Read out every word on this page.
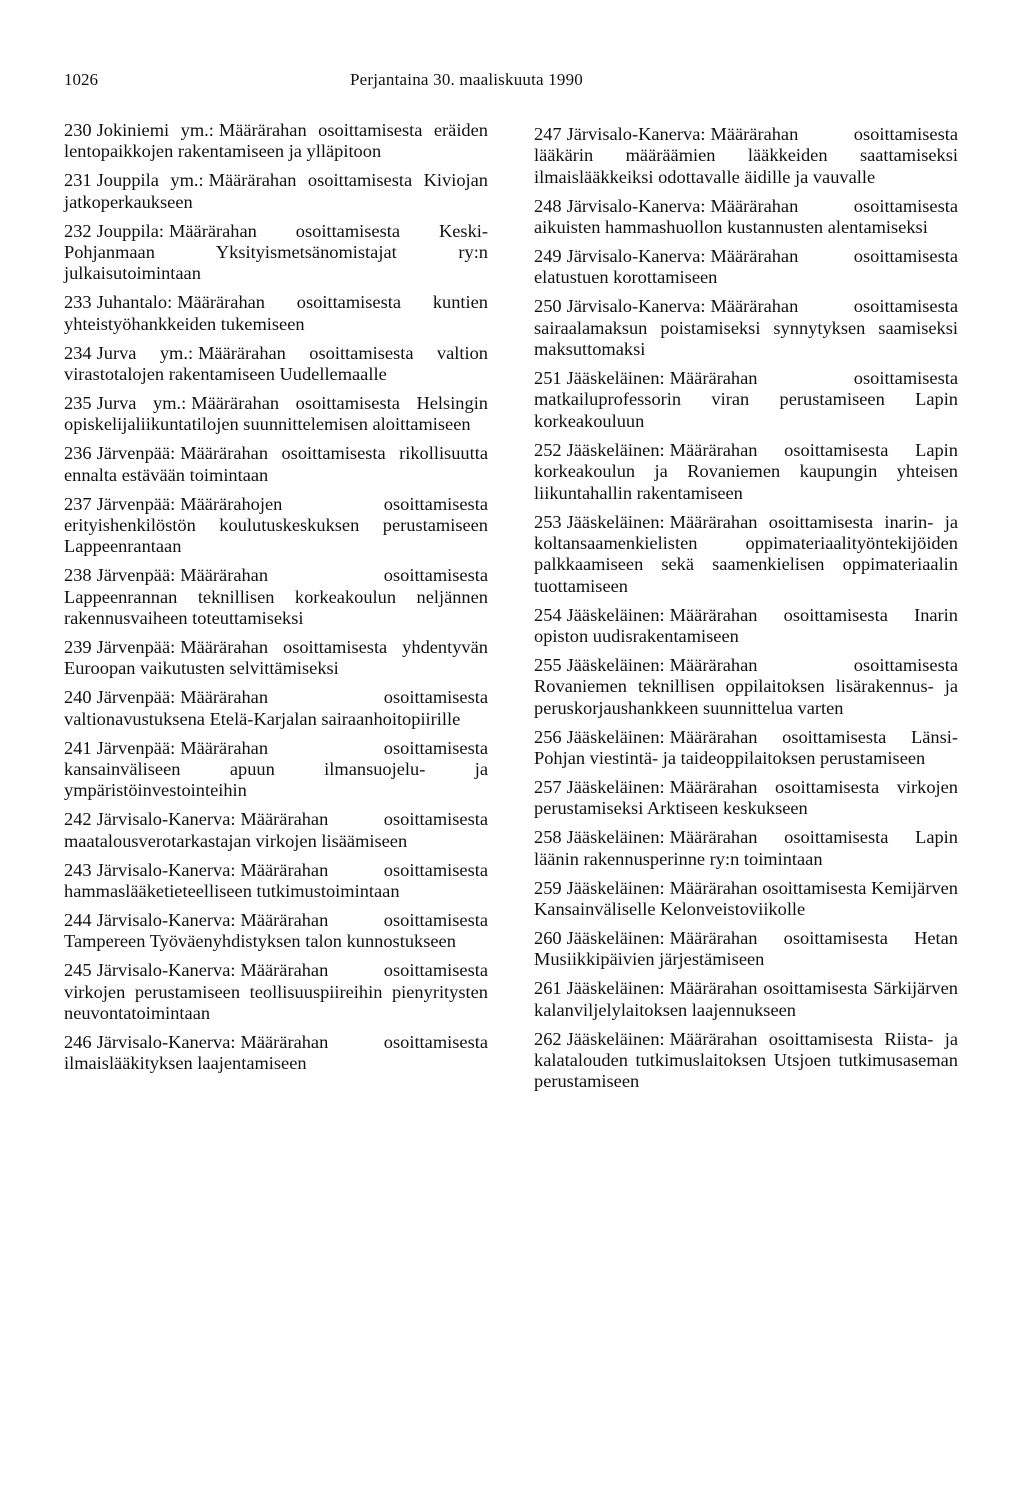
1026	Perjantaina 30. maaliskuuta 1990

230 Jokiniemi ym.: Määrärahan osoittamisesta eräiden lentopaikkojen rakentamiseen ja ylläpitoon

231 Jouppila ym.: Määrärahan osoittamisesta Kiviojan jatkoperkaukseen

232 Jouppila: Määrärahan osoittamisesta Keski-Pohjanmaan Yksityismetsänomistajat ry:n julkaisutoimintaan

233 Juhantalo: Määrärahan osoittamisesta kuntien yhteistyöhankkeiden tukemiseen

234 Jurva ym.: Määrärahan osoittamisesta valtion virastotalojen rakentamiseen Uudellemaalle

235 Jurva ym.: Määrärahan osoittamisesta Helsingin opiskelijaliikuntatilojen suunnittelemisen aloittamiseen

236 Järvenpää: Määrärahan osoittamisesta rikollisuutta ennalta estävään toimintaan

237 Järvenpää: Määrärahojen osoittamisesta erityishenkilöstön koulutuskeskuksen perustamiseen Lappeenrantaan

238 Järvenpää: Määrärahan osoittamisesta Lappeenrannan teknillisen korkeakoulun neljännen rakennusvaiheen toteuttamiseksi

239 Järvenpää: Määrärahan osoittamisesta yhdentyvän Euroopan vaikutusten selvittämiseksi

240 Järvenpää: Määrärahan osoittamisesta valtionavustuksena Etelä-Karjalan sairaanhoitopiirille

241 Järvenpää: Määrärahan osoittamisesta kansainväliseen apuun ilmansuojelu- ja ympäristöinvestointeihin

242 Järvisalo-Kanerva: Määrärahan osoittamisesta maatalousverotarkastajan virkojen lisäämiseen

243 Järvisalo-Kanerva: Määrärahan osoittamisesta hammaslääketieteelliseen tutkimustoimintaan

244 Järvisalo-Kanerva: Määrärahan osoittamisesta Tampereen Työväenyhdistyksen talon kunnostukseen

245 Järvisalo-Kanerva: Määrärahan osoittamisesta virkojen perustamiseen teollisuuspiireihin pienyritysten neuvontatoimintaan

246 Järvisalo-Kanerva: Määrärahan osoittamisesta ilmaislääkityksen laajentamiseen

247 Järvisalo-Kanerva: Määrärahan osoittamisesta lääkärin määräämien lääkkeiden saattamiseksi ilmaislääkkeiksi odottavalle äidille ja vauvalle

248 Järvisalo-Kanerva: Määrärahan osoittamisesta aikuisten hammashuollon kustannusten alentamiseksi

249 Järvisalo-Kanerva: Määrärahan osoittamisesta elatustuen korottamiseen

250 Järvisalo-Kanerva: Määrärahan osoittamisesta sairaalamaksun poistamiseksi synnytyksen saamiseksi maksuttomaksi

251 Jääskeläinen: Määrärahan osoittamisesta matkailuprofessorin viran perustamiseen Lapin korkeakouluun

252 Jääskeläinen: Määrärahan osoittamisesta Lapin korkeakoulun ja Rovaniemen kaupungin yhteisen liikuntahallin rakentamiseen

253 Jääskeläinen: Määrärahan osoittamisesta inarin- ja koltansaamenkielisten oppimateriaalityöntekijöiden palkkaamiseen sekä saamenkielisen oppimateriaalin tuottamiseen

254 Jääskeläinen: Määrärahan osoittamisesta Inarin opiston uudisrakentamiseen

255 Jääskeläinen: Määrärahan osoittamisesta Rovaniemen teknillisen oppilaitoksen lisärakennus- ja peruskorjaushankkeen suunnittelua varten

256 Jääskeläinen: Määrärahan osoittamisesta Länsi-Pohjan viestintä- ja taideoppilaitoksen perustamiseen

257 Jääskeläinen: Määrärahan osoittamisesta virkojen perustamiseksi Arktiseen keskukseen

258 Jääskeläinen: Määrärahan osoittamisesta Lapin läänin rakennusperinne ry:n toimintaan

259 Jääskeläinen: Määrärahan osoittamisesta Kemijärven Kansainväliselle Kelonveistoviikolle

260 Jääskeläinen: Määrärahan osoittamisesta Hetan Musiikkipäivien järjestämiseen

261 Jääskeläinen: Määrärahan osoittamisesta Särkijärven kalanviljelylaitoksen laajennukseen

262 Jääskeläinen: Määrärahan osoittamisesta Riista- ja kalatalouden tutkimuslaitoksen Utsjoen tutkimusaseman perustamiseen
